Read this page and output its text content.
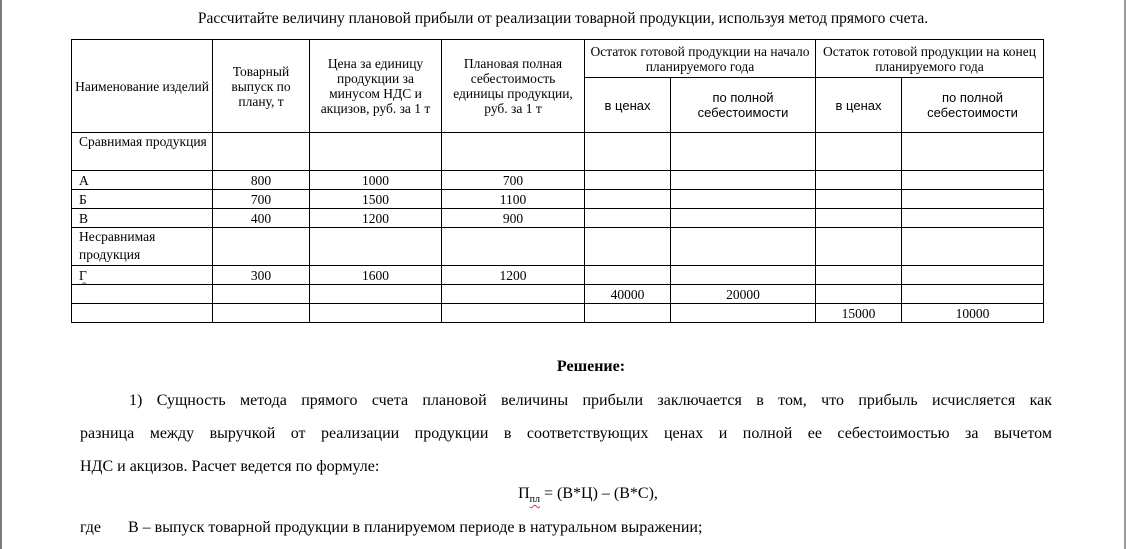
Рассчитайте величину плановой прибыли от реализации товарной продукции, используя метод прямого счета.
Наименование изделий	Товарный выпуск по плану, т	Цена за единицу продукции за минусом НДС и акцизов, руб. за 1 т	Плановая полная себестоимость единицы продукции, руб. за 1 т	Остаток готовой продукции на начало планируемого года		Остаток готовой продукции на конец планируемого года	
				в ценах	по полной себестоимости	в ценах	по полной себестоимости
Сравнимая продукция							
А	800	1000	700				
Б	700	1500	1100				
В	400	1200	900				
Несравнимая продукция							
Г	300	1600	1200				
				40000	20000		
						15000	10000
Решение:
1) Сущность метода прямого счета плановой величины прибыли заключается в том, что прибыль исчисляется как
разница между выручкой от реализации продукции в соответствующих ценах и полной ее себестоимостью за вычетом
НДС и акцизов. Расчет ведется по формуле:
$П_{пл} = (В*Ц) - (В*С)$,
где В – выпуск товарной продукции в планируемом периоде в натуральном выражении;
